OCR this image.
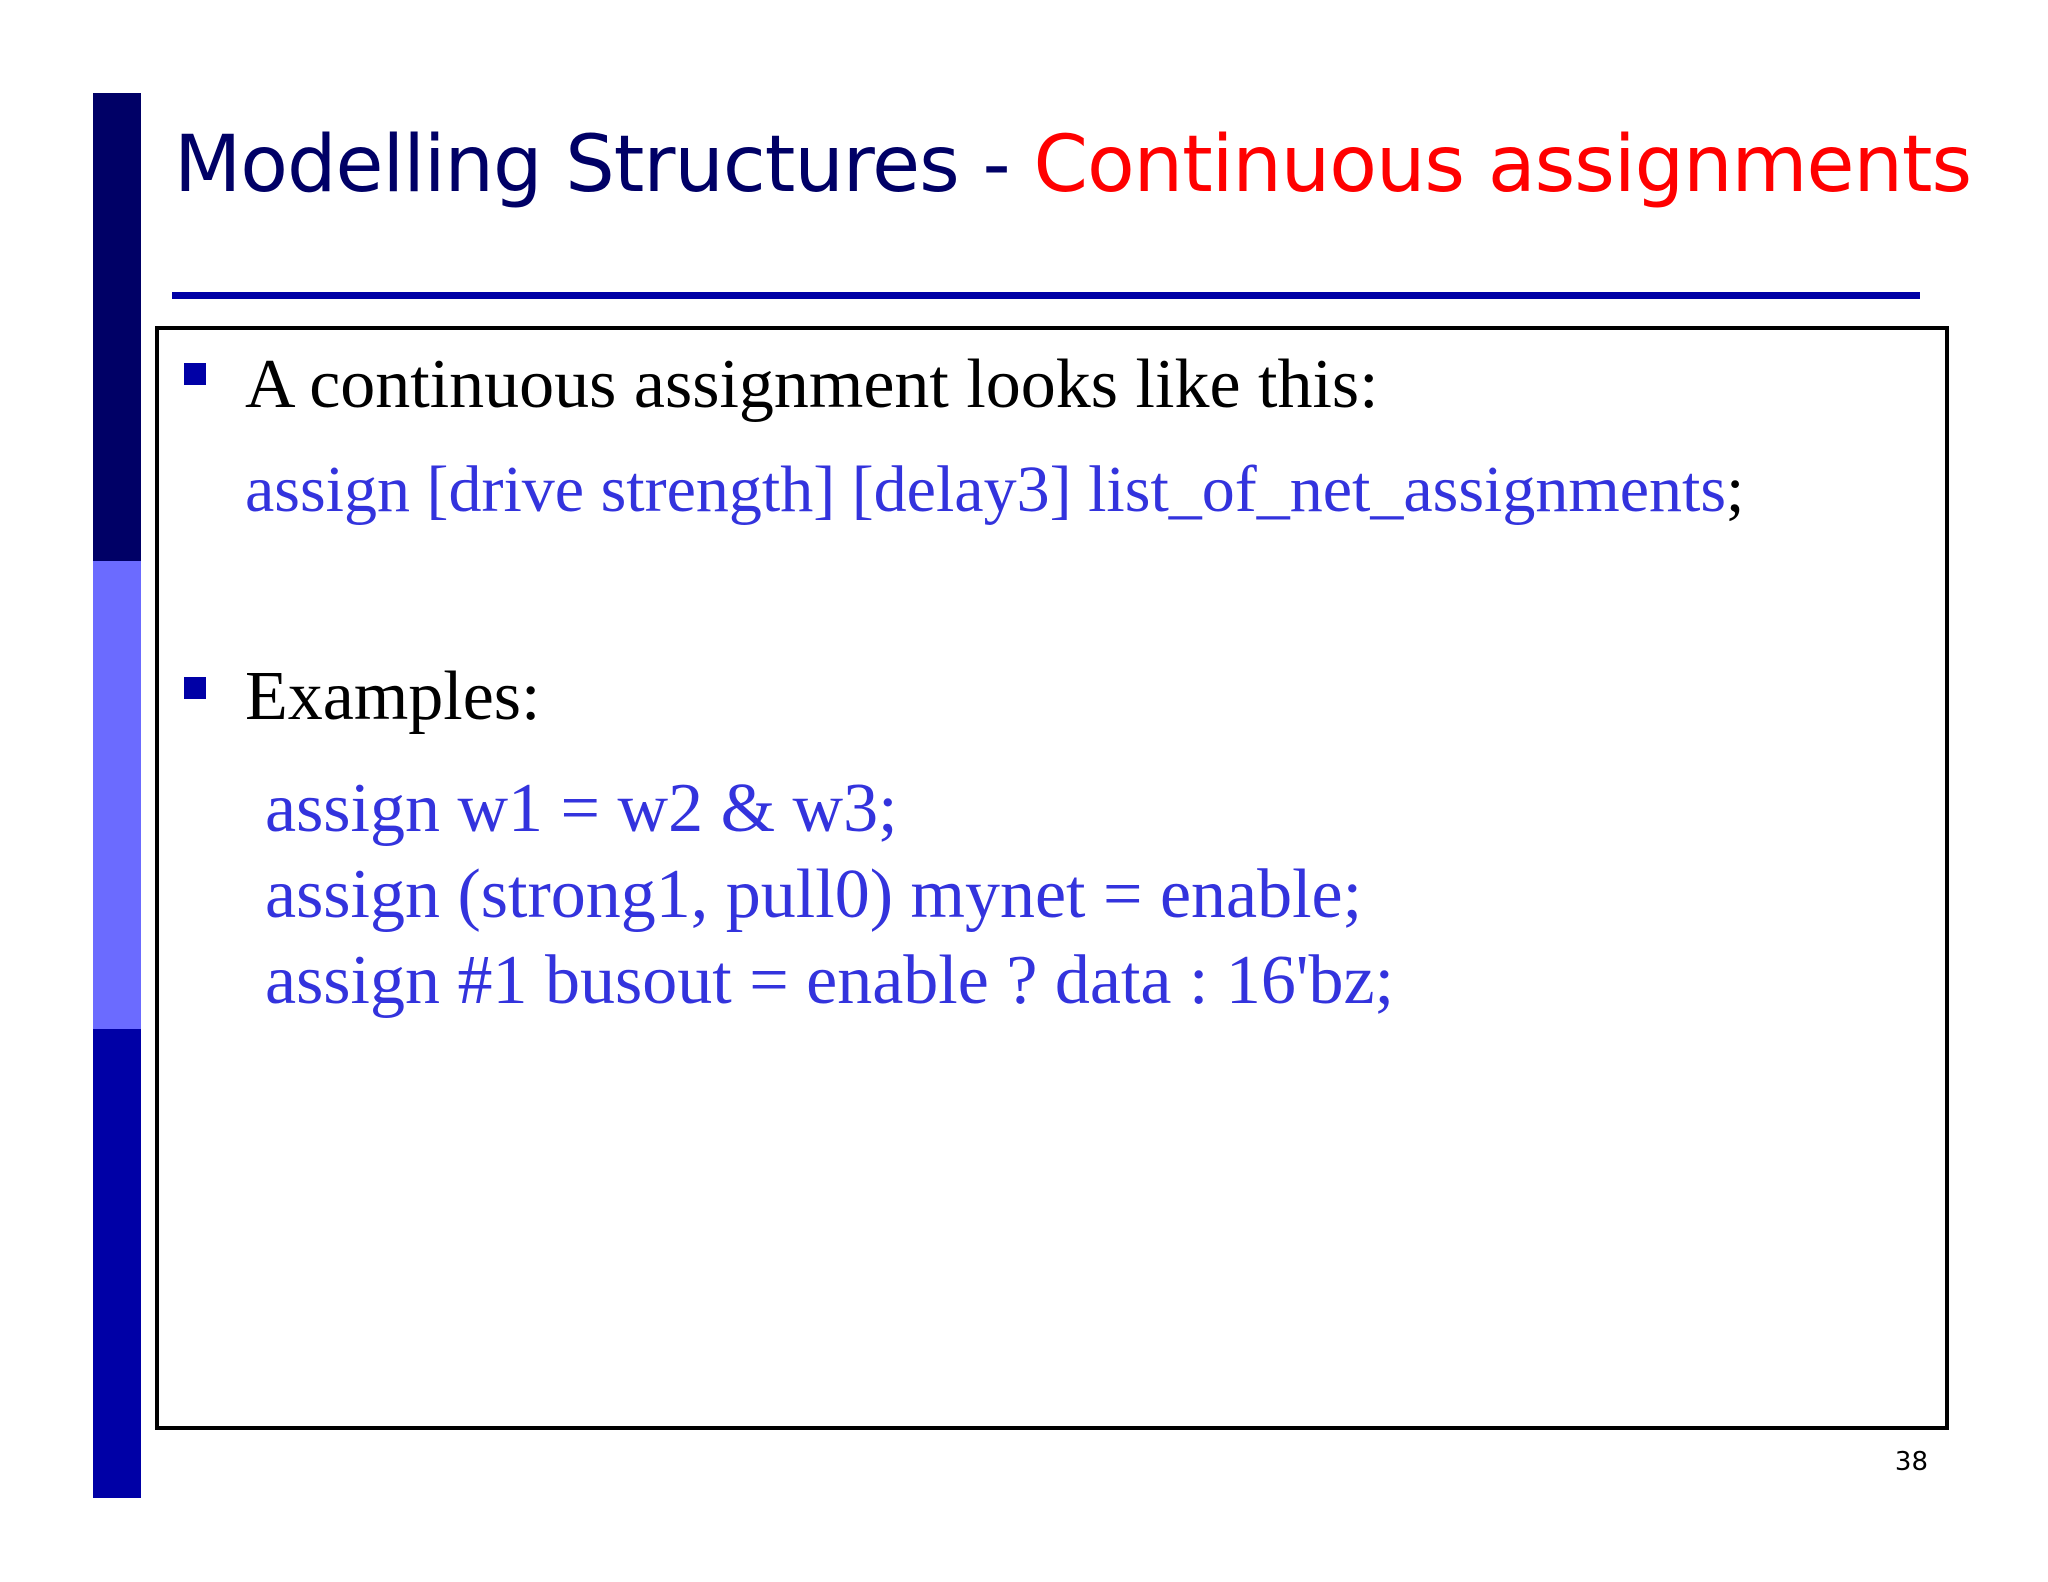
Modelling Structures - Continuous assignments

A continuous assignment looks like this:

assign [drive strength] [delay3] list_of_net_assignments;

Examples:

assign w1 = w2 & w3;
assign (strong1, pull0) mynet = enable;
assign #1 busout = enable ? data : 16'bz;
38
